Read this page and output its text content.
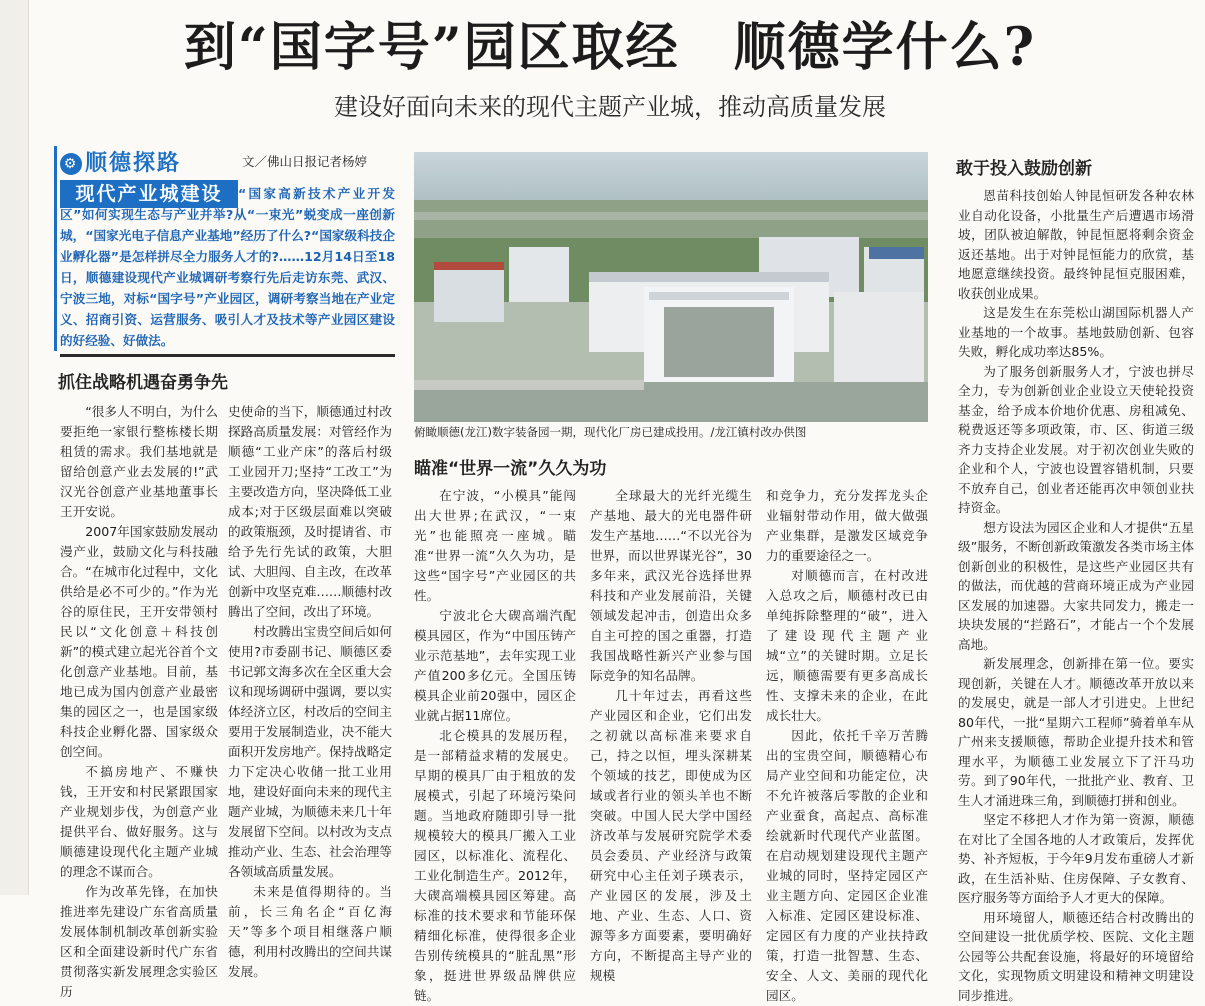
到“国字号”园区取经　顺德学什么?
建设好面向未来的现代主题产业城，推动高质量发展
⚙ 顺德探路
现代产业城建设
文／佛山日报记者杨婷
“国家高新技术产业开发区”如何实现生态与产业并举?从“一束光”蜕变成一座创新城，“国家光电子信息产业基地”经历了什么?“国家级科技企业孵化器”是怎样拼尽全力服务人才的?……12月14日至18日，顺德建设现代产业城调研考察行先后走访东莞、武汉、宁波三地，对标“国字号”产业园区，调研考察当地在产业定义、招商引资、运营服务、吸引人才及技术等产业园区建设的好经验、好做法。
抓住战略机遇奋勇争先

“很多人不明白，为什么要拒绝一家银行整栋楼长期租赁的需求。我们基地就是留给创意产业去发展的!”武汉光谷创意产业基地董事长王开安说。

2007年国家鼓励发展动漫产业，鼓励文化与科技融合。“在城市化过程中，文化供给是必不可少的。”作为光谷的原住民，王开安带领村民以“文化创意＋科技创新”的模式建立起光谷首个文化创意产业基地。目前，基地已成为国内创意产业最密集的园区之一，也是国家级科技企业孵化器、国家级众创空间。

不搞房地产、不赚快钱，王开安和村民紧跟国家产业规划步伐，为创意产业提供平台、做好服务。这与顺德建设现代化主题产业城的理念不谋而合。

作为改革先锋，在加快推进率先建设广东省高质量发展体制机制改革创新实验区和全面建设新时代广东省贯彻落实新发展理念实验区历

史使命的当下，顺德通过村改探路高质量发展：对管经作为顺德“工业产床”的落后村级工业园开刀;坚持“工改工”为主要改造方向，坚决降低工业成本;对于区级层面难以突破的政策瓶颈，及时提请省、市给予先行先试的政策，大胆试、大胆闯、自主改，在改革创新中攻坚克难……顺德村改腾出了空间，改出了环境。

村改腾出宝贵空间后如何使用?市委副书记、顺德区委书记郭文海多次在全区重大会议和现场调研中强调，要以实体经济立区，村改后的空间主要用于发展制造业，决不能大面积开发房地产。保持战略定力下定决心收储一批工业用地，建设好面向未来的现代主题产业城，为顺德未来几十年发展留下空间。以村改为支点推动产业、生态、社会治理等各领域高质量发展。

未来是值得期待的。当前，长三角名企“百亿海天”等多个项目相继落户顺德，利用村改腾出的空间共谋发展。

俯瞰顺德(龙江)数字装备园一期，现代化厂房已建成投用。/龙江镇村改办供图
瞄准“世界一流”久久为功

在宁波，“小模具”能闯出大世界;在武汉，“一束光”也能照亮一座城。瞄准“世界一流”久久为功，是这些“国字号”产业园区的共性。

宁波北仑大碶高端汽配模具园区，作为“中国压铸产业示范基地”，去年实现工业产值200多亿元。全国压铸模具企业前20强中，园区企业就占据11席位。

北仑模具的发展历程，是一部精益求精的发展史。早期的模具厂由于粗放的发展模式，引起了环境污染问题。当地政府随即引导一批规模较大的模具厂搬入工业园区，以标准化、流程化、工业化制造生产。2012年，大碶高端模具园区筹建。高标准的技术要求和节能环保精细化标准，使得很多企业告别传统模具的“脏乱黑”形象，挺进世界级品牌供应链。

全球最大的光纤光缆生产基地、最大的光电器件研发生产基地……“不以光谷为世界，而以世界谋光谷”，30多年来，武汉光谷选择世界科技和产业发展前沿，关键领域发起冲击，创造出众多自主可控的国之重器，打造我国战略性新兴产业参与国际竞争的知名品牌。

几十年过去，再看这些产业园区和企业，它们出发之初就以高标准来要求自己，持之以恒，埋头深耕某个领域的技艺，即使成为区域或者行业的领头羊也不断突破。中国人民大学中国经济改革与发展研究院学术委员会委员、产业经济与政策研究中心主任刘子瑛表示，产业园区的发展，涉及土地、产业、生态、人口、资源等多方面要素，要明确好方向，不断提高主导产业的规模

和竞争力，充分发挥龙头企业辐射带动作用，做大做强产业集群，是激发区域竞争力的重要途径之一。

对顺德而言，在村改进入总攻之后，顺德村改已由单纯拆除整理的“破”，进入了建设现代主题产业城“立”的关键时期。立足长远，顺德需要有更多高成长性、支撑未来的企业，在此成长壮大。

因此，依托千辛万苦腾出的宝贵空间，顺德精心布局产业空间和功能定位，决不允许被落后零散的企业和产业蚕食，高起点、高标准绘就新时代现代产业蓝图。在启动规划建设现代主题产业城的同时，坚持定园区产业主题方向、定园区企业准入标准、定园区建设标准、定园区有力度的产业扶持政策，打造一批智慧、生态、安全、人文、美丽的现代化园区。

敢于投入鼓励创新

恩苗科技创始人钟昆恒研发各种农林业自动化设备，小批量生产后遭遇市场滑坡，团队被迫解散，钟昆恒愿将剩余资金返还基地。出于对钟昆恒能力的欣赏，基地愿意继续投资。最终钟昆恒克服困难，收获创业成果。

这是发生在东莞松山湖国际机器人产业基地的一个故事。基地鼓励创新、包容失败，孵化成功率达85%。

为了服务创新服务人才，宁波也拼尽全力，专为创新创业企业设立天使轮投资基金，给予成本价地价优惠、房租减免、税费返还等多项政策，市、区、街道三级齐力支持企业发展。对于初次创业失败的企业和个人，宁波也设置容错机制，只要不放弃自己，创业者还能再次申领创业扶持资金。

想方设法为园区企业和人才提供“五星级”服务，不断创新政策激发各类市场主体创新创业的积极性，是这些产业园区共有的做法，而优越的营商环境正成为产业园区发展的加速器。大家共同发力，搬走一块块发展的“拦路石”，才能占一个个发展高地。

新发展理念，创新排在第一位。要实现创新，关键在人才。顺德改革开放以来的发展史，就是一部人才引进史。上世纪80年代，一批“星期六工程师”骑着单车从广州来支援顺德，帮助企业提升技术和管理水平，为顺德工业发展立下了汗马功劳。到了90年代，一批批产业、教育、卫生人才涌进珠三角，到顺德打拼和创业。

坚定不移把人才作为第一资源，顺德在对比了全国各地的人才政策后，发挥优势、补齐短板，于今年9月发布重磅人才新政，在生活补贴、住房保障、子女教育、医疗服务等方面给予人才更大的保障。

用环境留人，顺德还结合村改腾出的空间建设一批优质学校、医院、文化主题公园等公共配套设施，将最好的环境留给文化，实现物质文明建设和精神文明建设同步推进。
